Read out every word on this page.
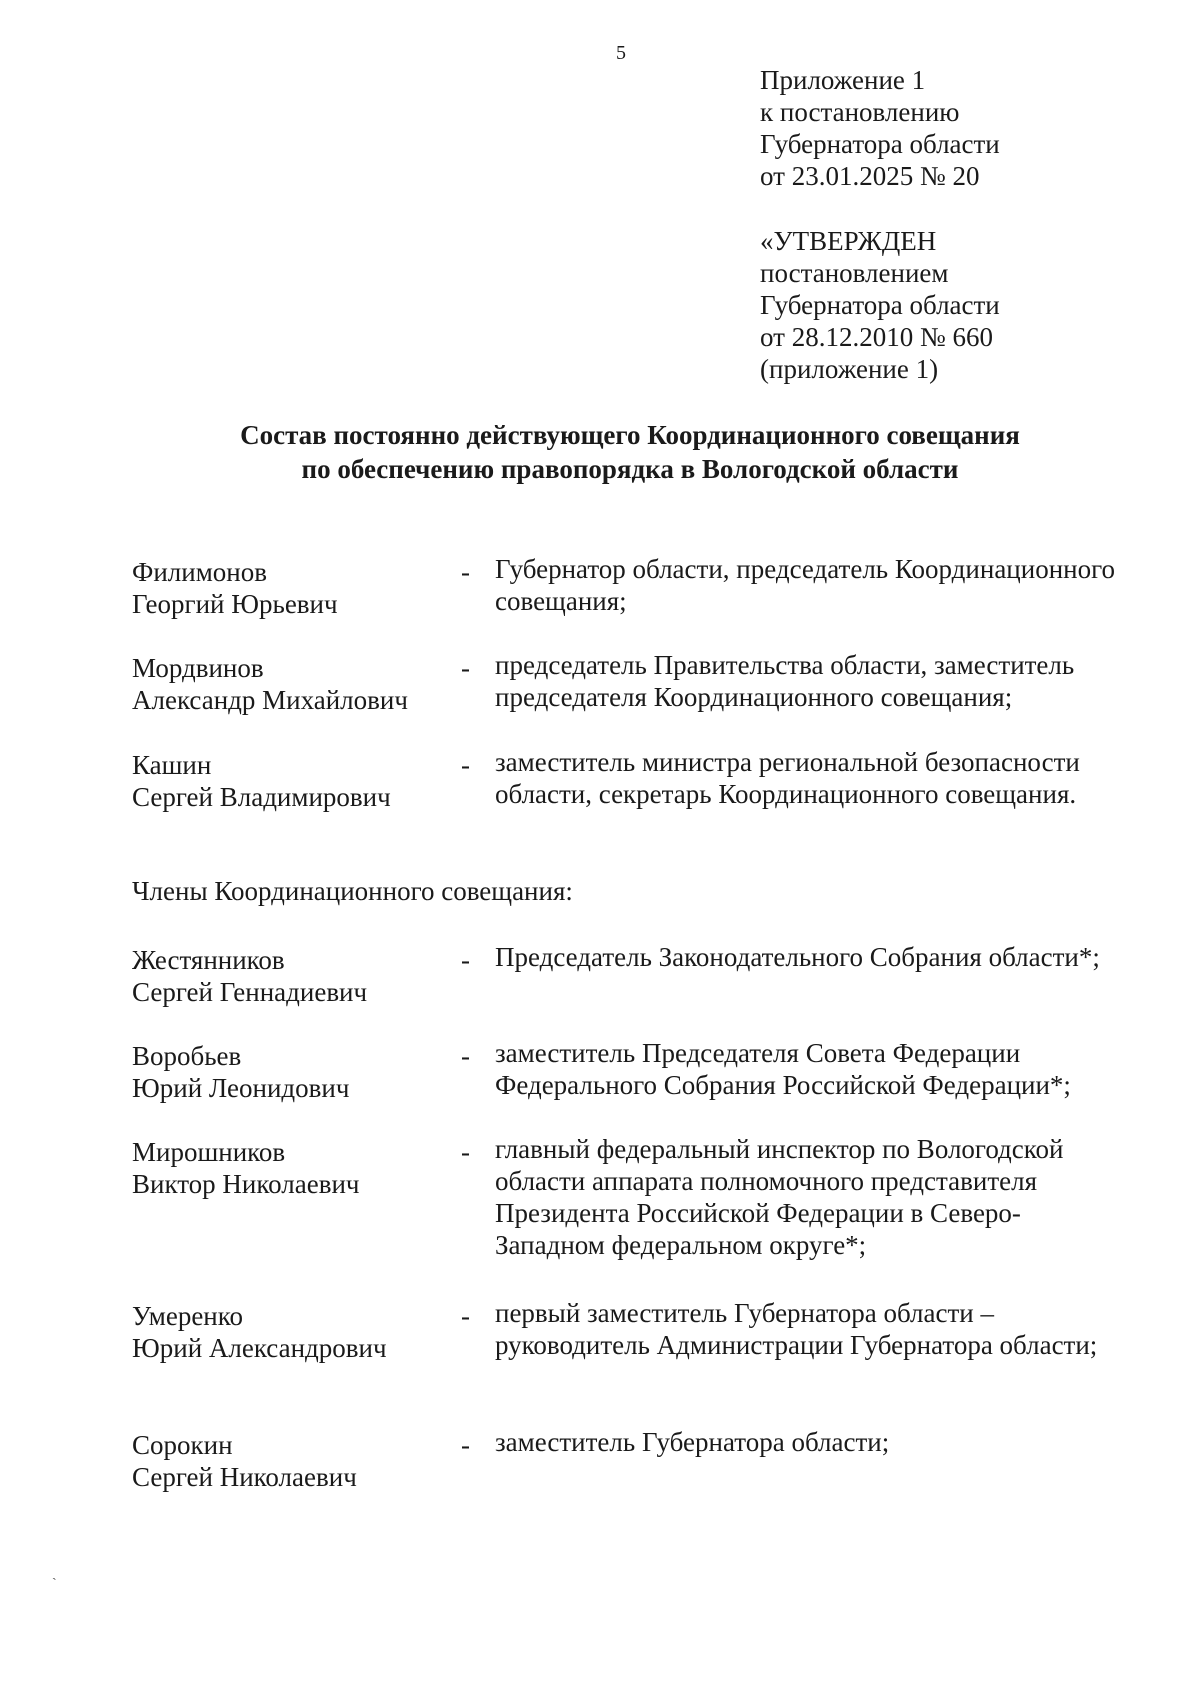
5
Приложение 1
к постановлению
Губернатора области
от 23.01.2025 № 20
«УТВЕРЖДЕН
постановлением
Губернатора области
от 28.12.2010 № 660
(приложение 1)
Состав постоянно действующего Координационного совещания
по обеспечению правопорядка в Вологодской области
Филимонов
Георгий Юрьевич
- Губернатор области, председатель Координационного совещания;
Мордвинов
Александр Михайлович
- председатель Правительства области, заместитель председателя Координационного совещания;
Кашин
Сергей Владимирович
- заместитель министра региональной безопасности области, секретарь Координационного совещания.
Члены Координационного совещания:
Жестянников
Сергей Геннадиевич
- Председатель Законодательного Собрания области*;
Воробьев
Юрий Леонидович
- заместитель Председателя Совета Федерации Федерального Собрания Российской Федерации*;
Мирошников
Виктор Николаевич
- главный федеральный инспектор по Вологодской области аппарата полномочного представителя Президента Российской Федерации в Северо-Западном федеральном округе*;
Умеренко
Юрий Александрович
- первый заместитель Губернатора области – руководитель Администрации Губернатора области;
Сорокин
Сергей Николаевич
- заместитель Губернатора области;
ˏ
